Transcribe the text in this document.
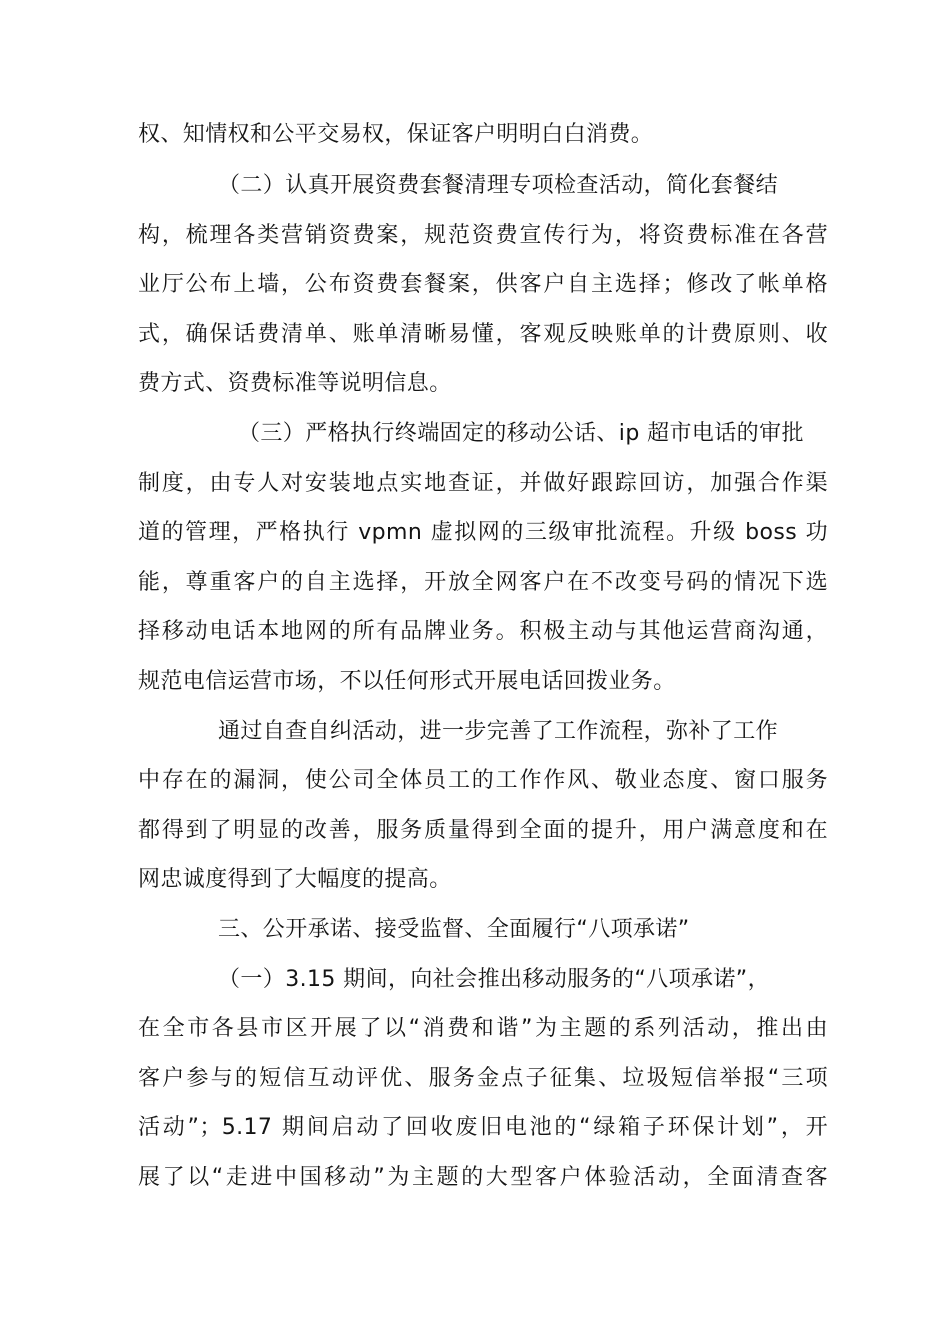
权、知情权和公平交易权，保证客户明明白白消费。
（二）认真开展资费套餐清理专项检查活动，简化套餐结
构，梳理各类营销资费案，规范资费宣传行为，将资费标准在各营
业厅公布上墙，公布资费套餐案，供客户自主选择；修改了帐单格
式，确保话费清单、账单清晰易懂，客观反映账单的计费原则、收
费方式、资费标准等说明信息。
（三）严格执行终端固定的移动公话、ip 超市电话的审批
制度，由专人对安装地点实地查证，并做好跟踪回访，加强合作渠
道的管理，严格执行 vpmn 虚拟网的三级审批流程。升级 boss 功
能，尊重客户的自主选择，开放全网客户在不改变号码的情况下选
择移动电话本地网的所有品牌业务。积极主动与其他运营商沟通，
规范电信运营市场，不以任何形式开展电话回拨业务。
通过自查自纠活动，进一步完善了工作流程，弥补了工作
中存在的漏洞，使公司全体员工的工作作风、敬业态度、窗口服务
都得到了明显的改善，服务质量得到全面的提升，用户满意度和在
网忠诚度得到了大幅度的提高。
三、公开承诺、接受监督、全面履行“八项承诺”
（一）3.15 期间，向社会推出移动服务的“八项承诺”，
在全市各县市区开展了以“消费和谐”为主题的系列活动，推出由
客户参与的短信互动评优、服务金点子征集、垃圾短信举报“三项
活动”；5.17 期间启动了回收废旧电池的“绿箱子环保计划”，开
展了以“走进中国移动”为主题的大型客户体验活动，全面清查客
